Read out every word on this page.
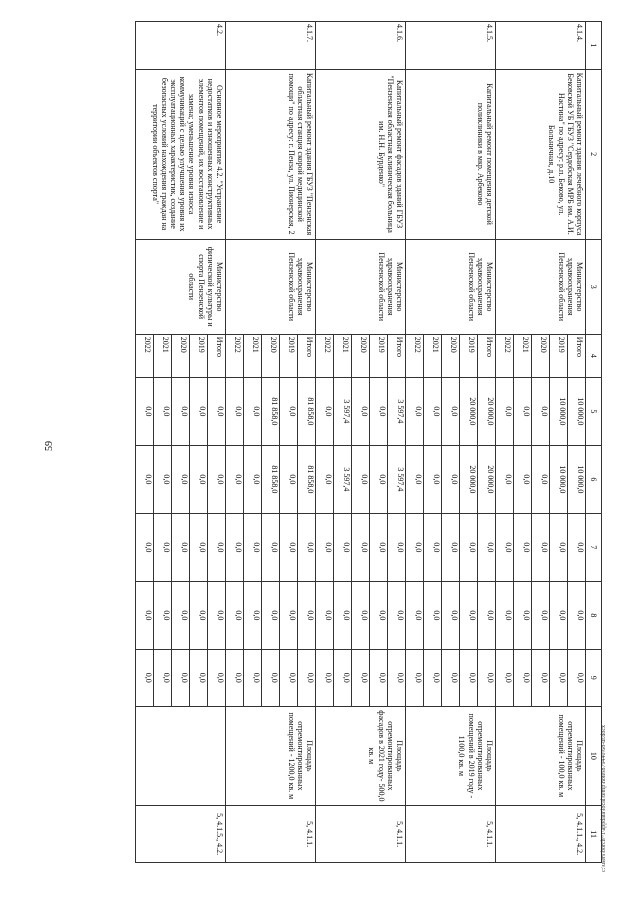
59
c:\users\borch~1\appdata\local\temp\notes879440\68-ur.docx
1	2	3	4	5	6	7	8	9	10	11
4.1.4.	Капитальный ремонт здания лечебного корпуса Бековской УБ ГБУЗ "Сердобская МРБ им. А.И. Настина" по адресу: р.п. Беково, ул. Больничная, д.10	Министерство здравоохранения Пензенской области	Итого	10 000,0	10 000,0	0,0	0,0	0,0	Площадь отремонтированных помещений - 100,0 кв. м	5, 4.1.1., 4.2.
			2019	10 000,0	10 000,0	0,0	0,0	0,0		
			2020	0,0	0,0	0,0	0,0	0,0		
			2021	0,0	0,0	0,0	0,0	0,0		
			2022	0,0	0,0	0,0	0,0	0,0		
4.1.5.	Капитальный ремонт помещения детской поликлиники в мкр. Арбеково	Министерство здравоохранения Пензенской области	Итого	20 000,0	20 000,0	0,0	0,0	0,0	Площадь отремонтированных помещений в 2019 году - 1100,0 кв. м	5, 4.1.1.
			2019	20 000,0	20 000,0	0,0	0,0	0,0		
			2020	0,0	0,0	0,0	0,0	0,0		
			2021	0,0	0,0	0,0	0,0	0,0		
			2022	0,0	0,0	0,0	0,0	0,0		
4.1.6.	Капитальный ремонт фасадов зданий ГБУЗ "Пензенская областная клиническая больница им. Н.Н. Бурденко"	Министерство здравоохранения Пензенской области	Итого	3 597,4	3 597,4	0,0	0,0	0,0	Площадь отремонтированных фасадов в 2021 году- 500,0 кв. м	5, 4.1.1.
			2019	0,0	0,0	0,0	0,0	0,0		
			2020	0,0	0,0	0,0	0,0	0,0		
			2021	3 597,4	3 597,4	0,0	0,0	0,0		
			2022	0,0	0,0	0,0	0,0	0,0		
4.1.7.	Капитальный ремонт здания ГБУЗ "Пензенская областная станция скорой медицинской помощи" по адресу: г. Пенза, ул. Пионерская, 2	Министерство здравоохранения Пензенской области	Итого	81 858,0	81 858,0	0,0	0,0	0,0	Площадь отремонтированных помещений - 1200,0 кв. м	5, 4.1.1.
			2019	0,0	0,0	0,0	0,0	0,0		
			2020	81 858,0	81 858,0	0,0	0,0	0,0		
			2021	0,0	0,0	0,0	0,0	0,0		
			2022	0,0	0,0	0,0	0,0	0,0		
4.2.	Основное мероприятие 4.2. "Устранение недостатков и изношенных конструктивных элементов помещений, их восстановление и замена; уменьшение уровня износа коммуникаций с целью улучшения уровня их эксплуатационных характеристик, создание безопасных условий нахождения граждан на территории объектов спорта"	Министерство физической культуры и спорта Пензенской области	Итого	0,0	0,0	0,0	0,0	0,0		5, 4.1.5., 4.2.
			2019	0,0	0,0	0,0	0,0	0,0		
			2020	0,0	0,0	0,0	0,0	0,0		
			2021	0,0	0,0	0,0	0,0	0,0		
			2022	0,0	0,0	0,0	0,0	0,0		
